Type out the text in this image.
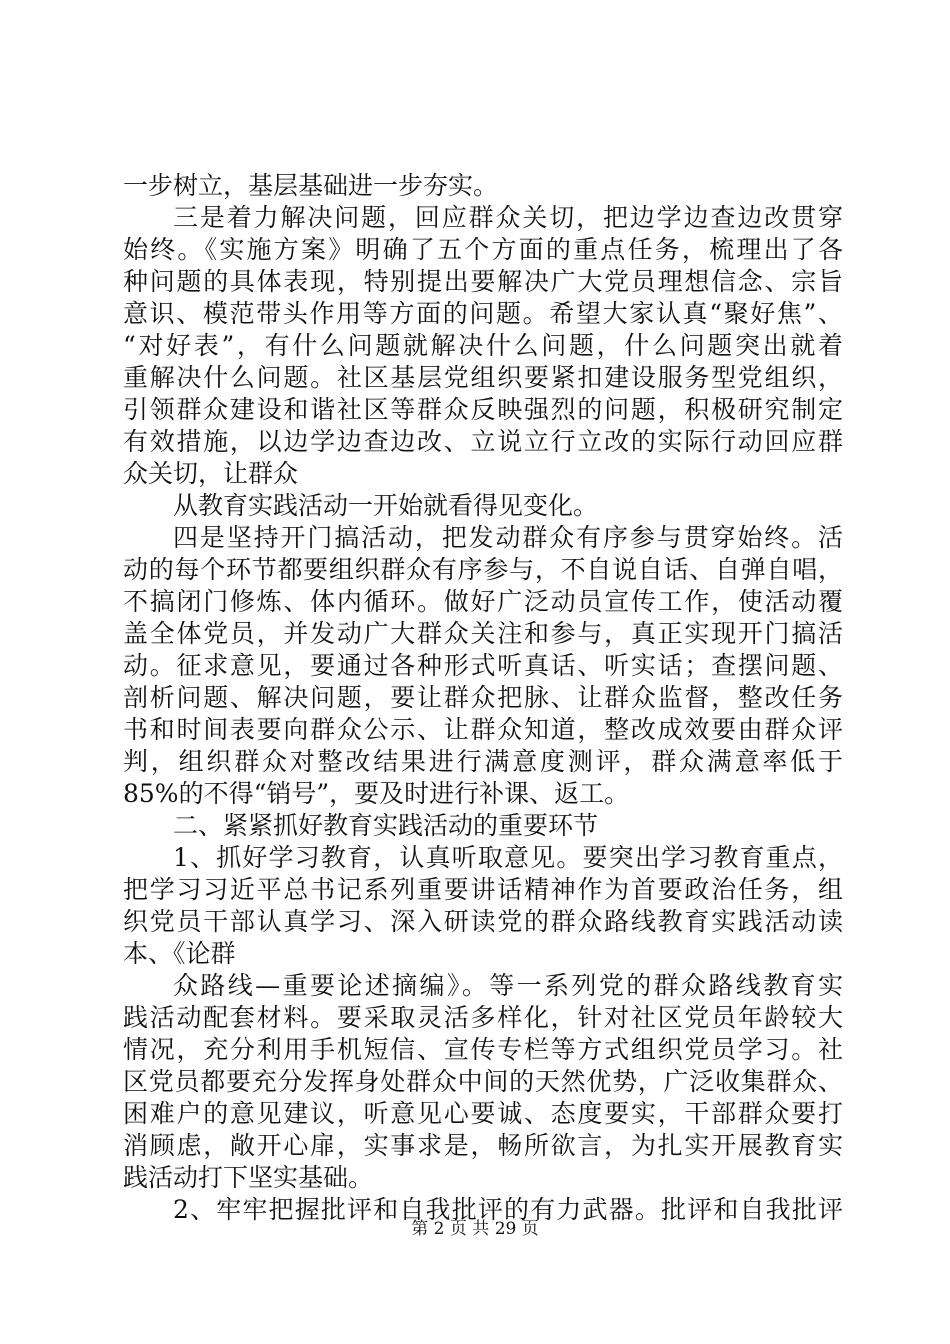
一步树立，基层基础进一步夯实。
三是着力解决问题，回应群众关切，把边学边查边改贯穿
始终。《实施方案》明确了五个方面的重点任务，梳理出了各
种问题的具体表现，特别提出要解决广大党员理想信念、宗旨
意识、模范带头作用等方面的问题。希望大家认真“聚好焦”、
“对好表”，有什么问题就解决什么问题，什么问题突出就着
重解决什么问题。社区基层党组织要紧扣建设服务型党组织，
引领群众建设和谐社区等群众反映强烈的问题，积极研究制定
有效措施，以边学边查边改、立说立行立改的实际行动回应群
众关切，让群众
从教育实践活动一开始就看得见变化。
四是坚持开门搞活动，把发动群众有序参与贯穿始终。活
动的每个环节都要组织群众有序参与，不自说自话、自弹自唱，
不搞闭门修炼、体内循环。做好广泛动员宣传工作，使活动覆
盖全体党员，并发动广大群众关注和参与，真正实现开门搞活
动。征求意见，要通过各种形式听真话、听实话；查摆问题、
剖析问题、解决问题，要让群众把脉、让群众监督，整改任务
书和时间表要向群众公示、让群众知道，整改成效要由群众评
判，组织群众对整改结果进行满意度测评，群众满意率低于
85%的不得“销号”，要及时进行补课、返工。
二、紧紧抓好教育实践活动的重要环节
1、抓好学习教育，认真听取意见。要突出学习教育重点，
把学习习近平总书记系列重要讲话精神作为首要政治任务，组
织党员干部认真学习、深入研读党的群众路线教育实践活动读
本、《论群
众路线—重要论述摘编》。等一系列党的群众路线教育实
践活动配套材料。要采取灵活多样化，针对社区党员年龄较大
情况，充分利用手机短信、宣传专栏等方式组织党员学习。社
区党员都要充分发挥身处群众中间的天然优势，广泛收集群众、
困难户的意见建议，听意见心要诚、态度要实，干部群众要打
消顾虑，敞开心扉，实事求是，畅所欲言，为扎实开展教育实
践活动打下坚实基础。
2、牢牢把握批评和自我批评的有力武器。批评和自我批评
第 2 页 共 29 页
